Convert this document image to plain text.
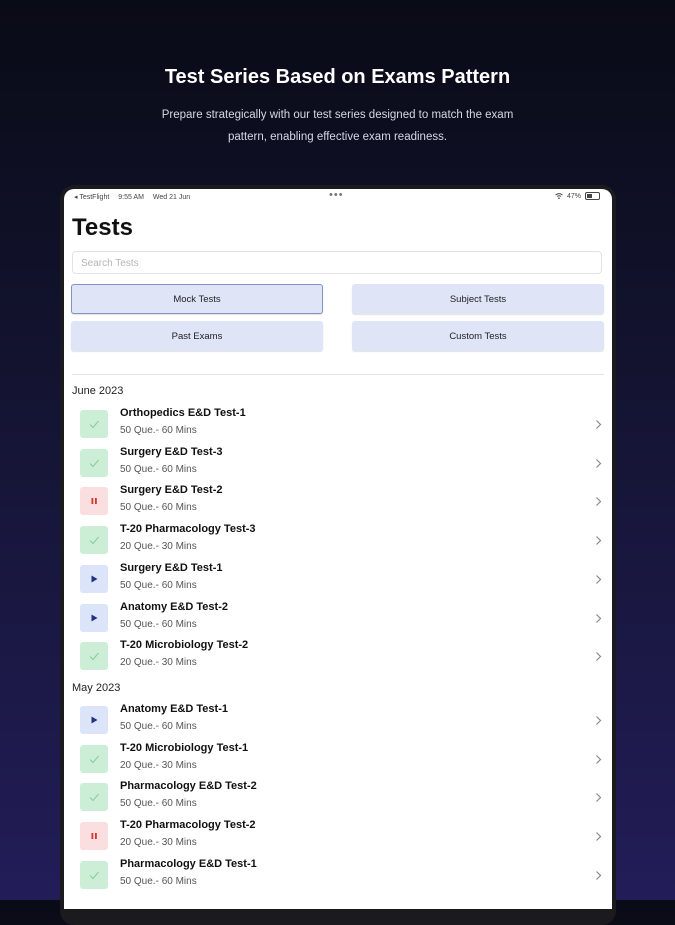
Test Series Based on Exams Pattern

Prepare strategically with our test series designed to match the exam pattern, enabling effective exam readiness.

◂ TestFlight 9:55 AM Wed 21 Jun	•••	47%
Tests
Search Tests
Mock Tests	Subject Tests
Past Exams	Custom Tests
June 2023
Orthopedics E&D Test-1
50 Que.- 60 Mins
Surgery E&D Test-3
50 Que.- 60 Mins
Surgery E&D Test-2
50 Que.- 60 Mins
T-20 Pharmacology Test-3
20 Que.- 30 Mins
Surgery E&D Test-1
50 Que.- 60 Mins
Anatomy E&D Test-2
50 Que.- 60 Mins
T-20 Microbiology Test-2
20 Que.- 30 Mins
May 2023
Anatomy E&D Test-1
50 Que.- 60 Mins
T-20 Microbiology Test-1
20 Que.- 30 Mins
Pharmacology E&D Test-2
50 Que.- 60 Mins
T-20 Pharmacology Test-2
20 Que.- 30 Mins
Pharmacology E&D Test-1
50 Que.- 60 Mins
